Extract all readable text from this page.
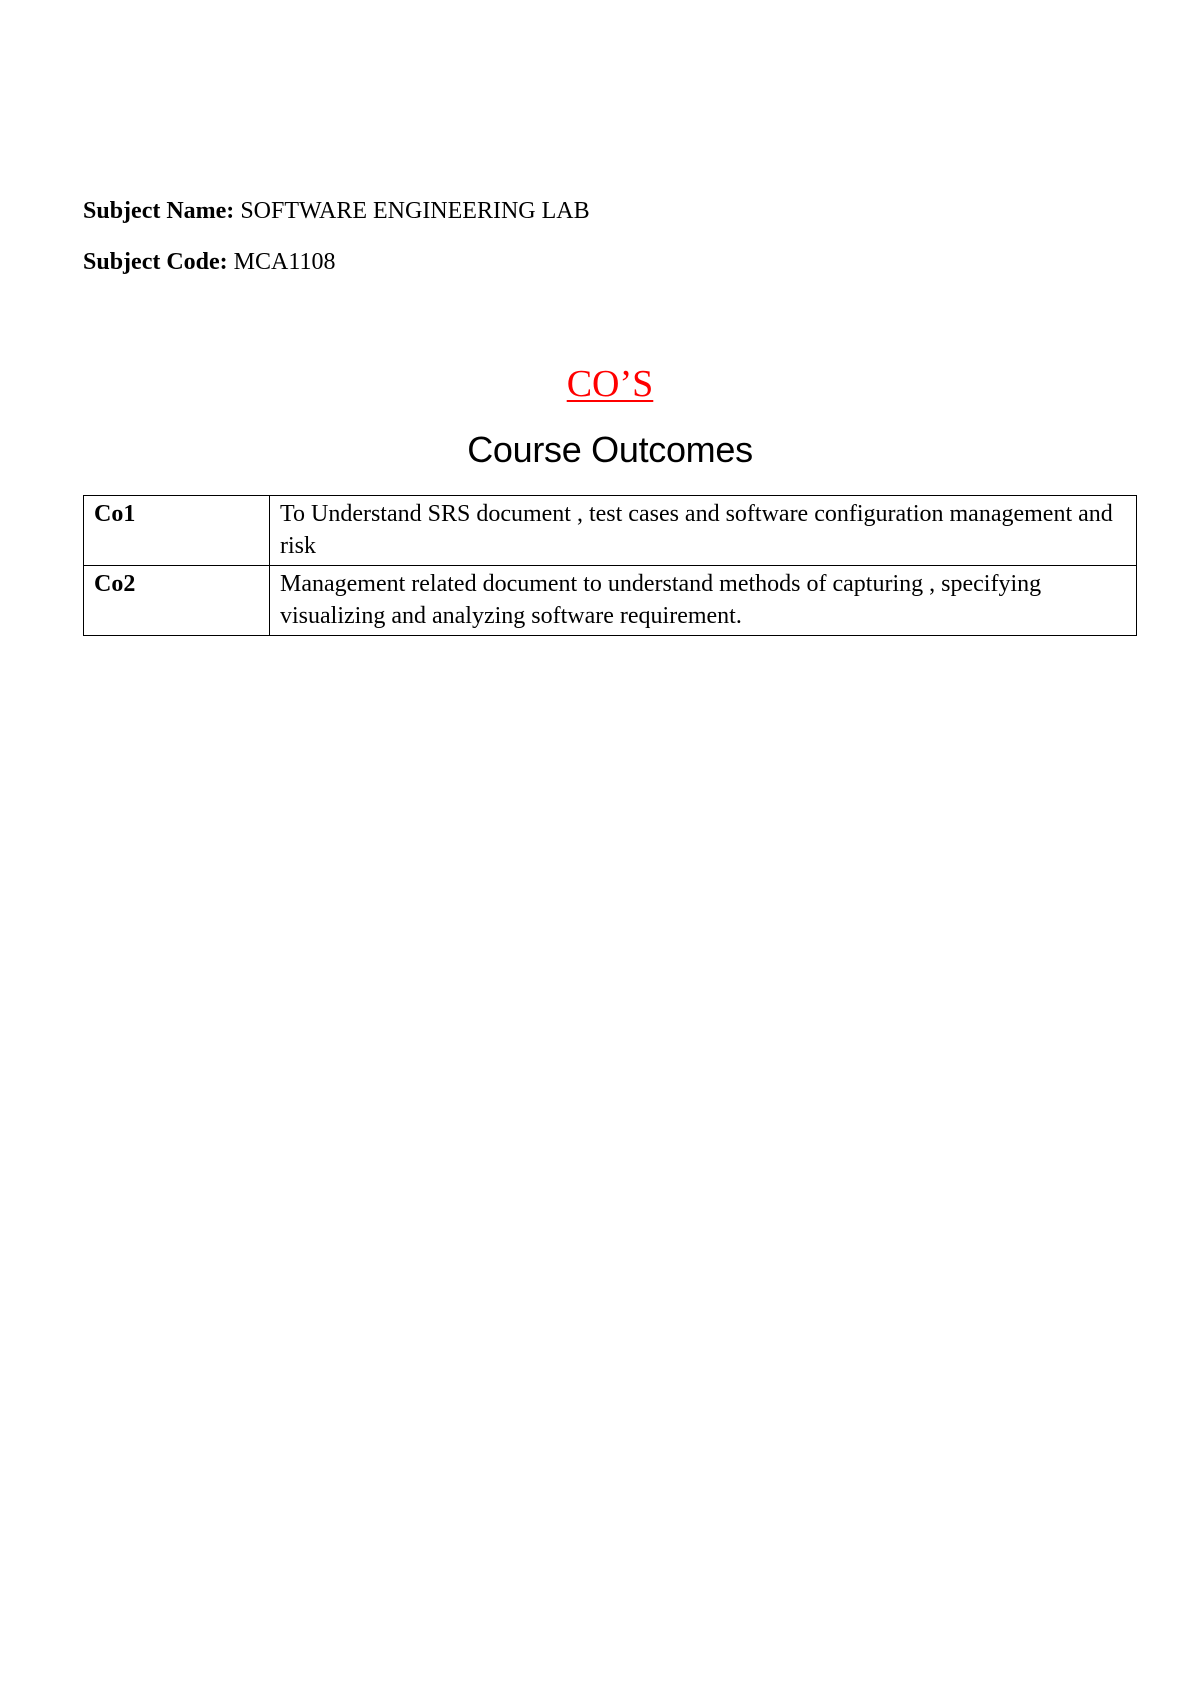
Subject Name: SOFTWARE ENGINEERING LAB
Subject Code: MCA1108
CO’S
Course Outcomes
Co1	To Understand SRS document , test cases and software configuration management and risk
Co2	Management related document to understand methods of capturing , specifying visualizing and analyzing software requirement.
